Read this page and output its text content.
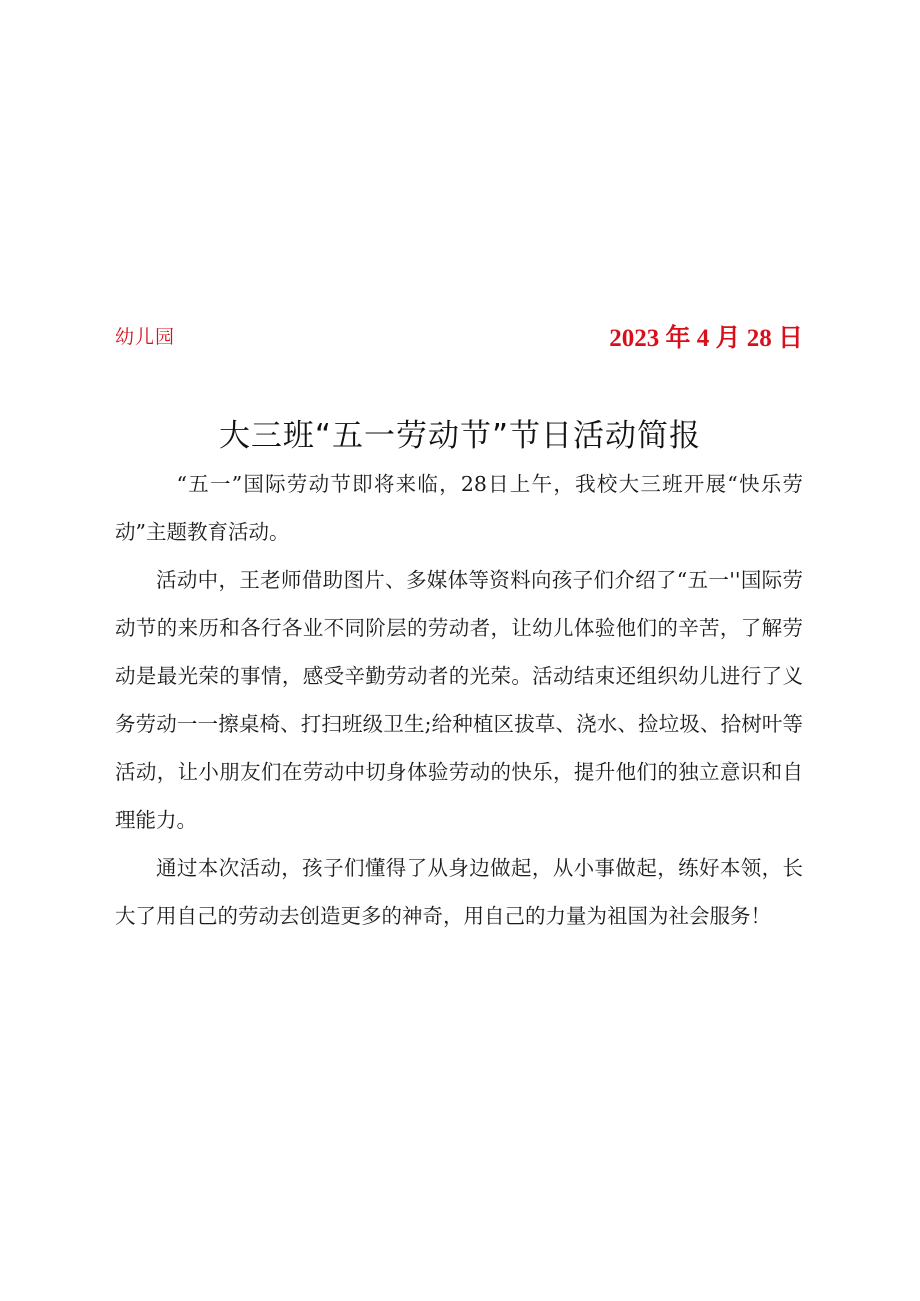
幼儿园	2023 年 4 月 28 日
大三班“五一劳动节”节日活动简报

“五一”国际劳动节即将来临，28日上午，我校大三班开展“快乐劳动”主题教育活动。

活动中，王老师借助图片、多媒体等资料向孩子们介绍了“五一''国际劳动节的来历和各行各业不同阶层的劳动者，让幼儿体验他们的辛苦，了解劳动是最光荣的事情，感受辛勤劳动者的光荣。活动结束还组织幼儿进行了义务劳动一一擦桌椅、打扫班级卫生;给种植区拔草、浇水、捡垃圾、拾树叶等活动，让小朋友们在劳动中切身体验劳动的快乐，提升他们的独立意识和自理能力。

通过本次活动，孩子们懂得了从身边做起，从小事做起，练好本领，长大了用自己的劳动去创造更多的神奇，用自己的力量为祖国为社会服务！
